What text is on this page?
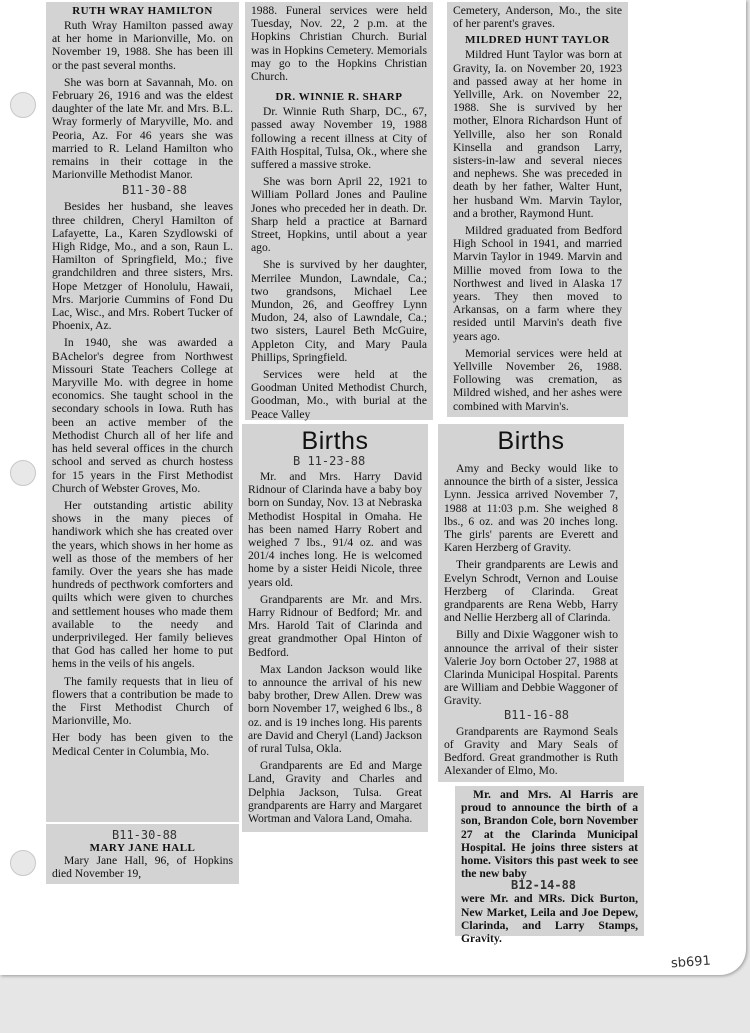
RUTH WRAY HAMILTON

Ruth Wray Hamilton passed away at her home in Marionville, Mo. on November 19, 1988. She has been ill or the past several months.

She was born at Savannah, Mo. on February 26, 1916 and was the eldest daughter of the late Mr. and Mrs. B.L. Wray formerly of Maryville, Mo. and Peoria, Az. For 46 years she was married to R. Leland Hamilton who remains in their cottage in the Marionville Methodist Manor.

B11-30-88

Besides her husband, she leaves three children, Cheryl Hamilton of Lafayette, La., Karen Szydlowski of High Ridge, Mo., and a son, Raun L. Hamilton of Springfield, Mo.; five grandchildren and three sisters, Mrs. Hope Metzger of Honolulu, Hawaii, Mrs. Marjorie Cummins of Fond Du Lac, Wisc., and Mrs. Robert Tucker of Phoenix, Az.

In 1940, she was awarded a BAchelor's degree from Northwest Missouri State Teachers College at Maryville Mo. with degree in home economics. She taught school in the secondary schools in Iowa. Ruth has been an active member of the Methodist Church all of her life and has held several offices in the church school and served as church hostess for 15 years in the First Methodist Church of Webster Groves, Mo.

Her outstanding artistic ability shows in the many pieces of handiwork which she has created over the years, which shows in her home as well as those of the members of her family. Over the years she has made hundreds of pecthwork comforters and quilts which were given to churches and settlement houses who made them available to the needy and underprivileged. Her family believes that God has called her home to put hems in the veils of his angels.

The family requests that in lieu of flowers that a contribution be made to the First Methodist Church of Marionville, Mo.

Her body has been given to the Medical Center in Columbia, Mo.

B11-30-88
MARY JANE HALL

Mary Jane Hall, 96, of Hopkins died November 19,

1988. Funeral services were held Tuesday, Nov. 22, 2 p.m. at the Hopkins Christian Church. Burial was in Hopkins Cemetery. Memorials may go to the Hopkins Christian Church.

DR. WINNIE R. SHARP

Dr. Winnie Ruth Sharp, DC., 67, passed away November 19, 1988 following a recent illness at City of FAith Hospital, Tulsa, Ok., where she suffered a massive stroke.

She was born April 22, 1921 to William Pollard Jones and Pauline Jones who preceded her in death. Dr. Sharp held a practice at Barnard Street, Hopkins, until about a year ago.

She is survived by her daughter, Merrilee Mundon, Lawndale, Ca.; two grandsons, Michael Lee Mundon, 26, and Geoffrey Lynn Mudon, 24, also of Lawndale, Ca.; two sisters, Laurel Beth McGuire, Appleton City, and Mary Paula Phillips, Springfield.

Services were held at the Goodman United Methodist Church, Goodman, Mo., with burial at the Peace Valley

Cemetery, Anderson, Mo., the site of her parent's graves.

MILDRED HUNT TAYLOR

Mildred Hunt Taylor was born at Gravity, Ia. on November 20, 1923 and passed away at her home in Yellville, Ark. on November 22, 1988. She is survived by her mother, Elnora Richardson Hunt of Yellville, also her son Ronald Kinsella and grandson Larry, sisters-in-law and several nieces and nephews. She was preceded in death by her father, Walter Hunt, her husband Wm. Marvin Taylor, and a brother, Raymond Hunt.

Mildred graduated from Bedford High School in 1941, and married Marvin Taylor in 1949. Marvin and Millie moved from Iowa to the Northwest and lived in Alaska 17 years. They then moved to Arkansas, on a farm where they resided until Marvin's death five years ago.

Memorial services were held at Yellville November 26, 1988. Following was cremation, as Mildred wished, and her ashes were combined with Marvin's.

Births
B 11-23-88

Mr. and Mrs. Harry David Ridnour of Clarinda have a baby boy born on Sunday, Nov. 13 at Nebraska Methodist Hospital in Omaha. He has been named Harry Robert and weighed 7 lbs., 91/4 oz. and was 201/4 inches long. He is welcomed home by a sister Heidi Nicole, three years old.

Grandparents are Mr. and Mrs. Harry Ridnour of Bedford; Mr. and Mrs. Harold Tait of Clarinda and great grandmother Opal Hinton of Bedford.

Max Landon Jackson would like to announce the arrival of his new baby brother, Drew Allen. Drew was born November 17, weighed 6 lbs., 8 oz. and is 19 inches long. His parents are David and Cheryl (Land) Jackson of rural Tulsa, Okla.

Grandparents are Ed and Marge Land, Gravity and Charles and Delphia Jackson, Tulsa. Great grandparents are Harry and Margaret Wortman and Valora Land, Omaha.

Births

Amy and Becky would like to announce the birth of a sister, Jessica Lynn. Jessica arrived November 7, 1988 at 11:03 p.m. She weighed 8 lbs., 6 oz. and was 20 inches long. The girls' parents are Everett and Karen Herzberg of Gravity.

Their grandparents are Lewis and Evelyn Schrodt, Vernon and Louise Herzberg of Clarinda. Great grandparents are Rena Webb, Harry and Nellie Herzberg all of Clarinda.

Billy and Dixie Waggoner wish to announce the arrival of their sister Valerie Joy born October 27, 1988 at Clarinda Municipal Hospital. Parents are William and Debbie Waggoner of Gravity.

B11-16-88

Grandparents are Raymond Seals of Gravity and Mary Seals of Bedford. Great grandmother is Ruth Alexander of Elmo, Mo.

Mr. and Mrs. Al Harris are proud to announce the birth of a son, Brandon Cole, born November 27 at the Clarinda Municipal Hospital. He joins three sisters at home. Visitors this past week to see the new baby

B12-14-88

were Mr. and MRs. Dick Burton, New Market, Leila and Joe Depew, Clarinda, and Larry Stamps, Gravity.

sb691
